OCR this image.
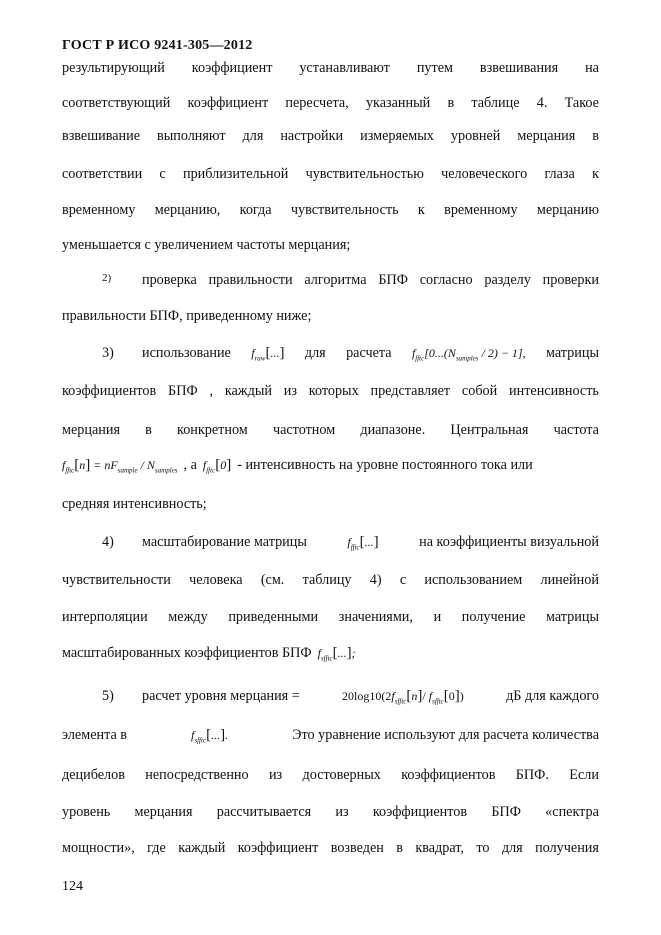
ГОСТ Р ИСО 9241-305—2012
результирующий коэффициент устанавливают путем взвешивания на
соответствующий коэффициент пересчета, указанный в таблице 4. Такое
взвешивание выполняют для настройки измеряемых уровней мерцания в
соответствии с приблизительной чувствительностью человеческого глаза к
временному мерцанию, когда чувствительность к временному мерцанию
уменьшается с увеличением частоты мерцания;
2)	проверка правильности алгоритма БПФ согласно разделу проверки
правильности БПФ, приведенному ниже;
3)	использование $f_{raw}[...]$ для расчета $f_{fftc}[0...(N_{samples} / 2) - 1]$, матрицы
коэффициентов БПФ , каждый из которых представляет собой интенсивность
мерцания в конкретном частотном диапазоне. Центральная частота
$f_{fftc}[n] = nF_{sample} / N_{samples}$ , а $f_{fftc}[0]$ - интенсивность на уровне постоянного тока или
средняя интенсивность;
4)	масштабирование матрицы	$f_{fftc}[...]$	на коэффициенты визуальной
чувствительности человека (см. таблицу 4) с использованием линейной
интерполяции между приведенными значениями, и получение матрицы
масштабированных коэффициентов БПФ $f_{sfftc}[...]$;
5)	расчет уровня мерцания =	$20\log 10(2f_{sfftc}[n]/$ $f_{sfftc}[0]$)	дБ для каждого
элемента в	$f_{sfftc}[...]$.	Это уравнение используют для расчета количества
децибелов непосредственно из достоверных коэффициентов БПФ. Если
уровень мерцания рассчитывается из коэффициентов БПФ «спектра
мощности», где каждый коэффициент возведен в квадрат, то для получения
124
